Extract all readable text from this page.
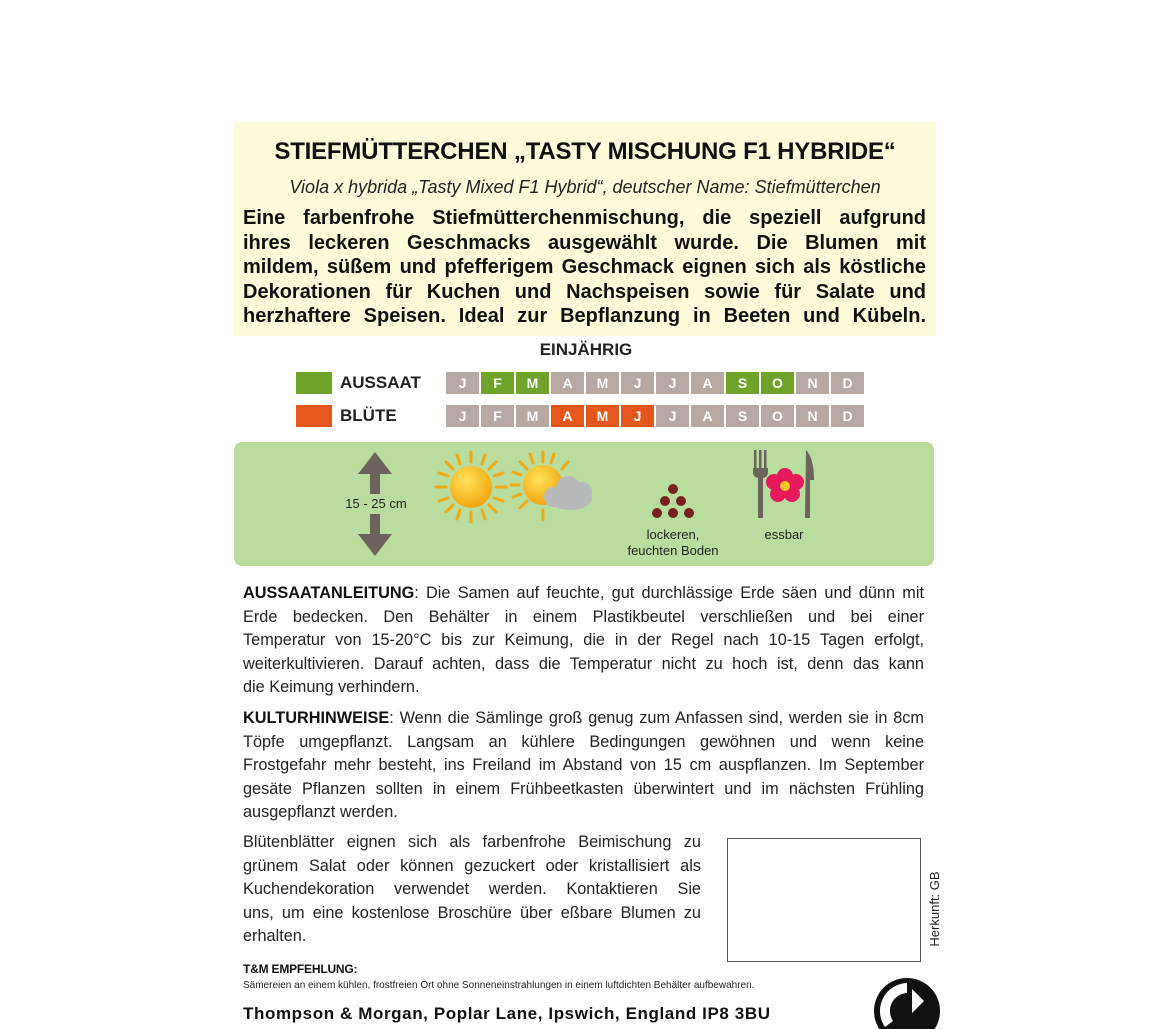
STIEFMÜTTERCHEN „TASTY MISCHUNG F1 HYBRIDE“
Viola x hybrida „Tasty Mixed F1 Hybrid“, deutscher Name: Stiefmütterchen
Eine farbenfrohe Stiefmütterchenmischung, die speziell aufgrund
ihres leckeren Geschmacks ausgewählt wurde. Die Blumen mit
mildem, süßem und pfefferigem Geschmack eignen sich als köstliche
Dekorationen für Kuchen und Nachspeisen sowie für Salate und
herzhaftere Speisen. Ideal zur Bepflanzung in Beeten und Kübeln.
EINJÄHRIG
AUSSAAT	J	F	M	A	M	J	J	A	S	O	N	D
BLÜTE	J	F	M	A	M	J	J	A	S	O	N	D
15 - 25 cm
lockeren,
feuchten Boden
essbar
AUSSAATANLEITUNG: Die Samen auf feuchte, gut durchlässige Erde säen und dünn mit
Erde bedecken. Den Behälter in einem Plastikbeutel verschließen und bei einer
Temperatur von 15-20°C bis zur Keimung, die in der Regel nach 10-15 Tagen erfolgt,
weiterkultivieren. Darauf achten, dass die Temperatur nicht zu hoch ist, denn das kann
die Keimung verhindern.
KULTURHINWEISE: Wenn die Sämlinge groß genug zum Anfassen sind, werden sie in 8cm
Töpfe umgepflanzt. Langsam an kühlere Bedingungen gewöhnen und wenn keine
Frostgefahr mehr besteht, ins Freiland im Abstand von 15 cm auspflanzen. Im September
gesäte Pflanzen sollten in einem Frühbeetkasten überwintert und im nächsten Frühling
ausgepflanzt werden.
Blütenblätter eignen sich als farbenfrohe Beimischung zu
grünem Salat oder können gezuckert oder kristallisiert als
Kuchendekoration verwendet werden. Kontaktieren Sie
uns, um eine kostenlose Broschüre über eßbare Blumen zu
erhalten.	Herkunft: GB
T&M EMPFEHLUNG:
Sämereien an einem kühlen, frostfreien Ort ohne Sonneneinstrahlungen in einem luftdichten Behälter aufbewahren.
Thompson & Morgan, Poplar Lane, Ipswich, England IP8 3BU
